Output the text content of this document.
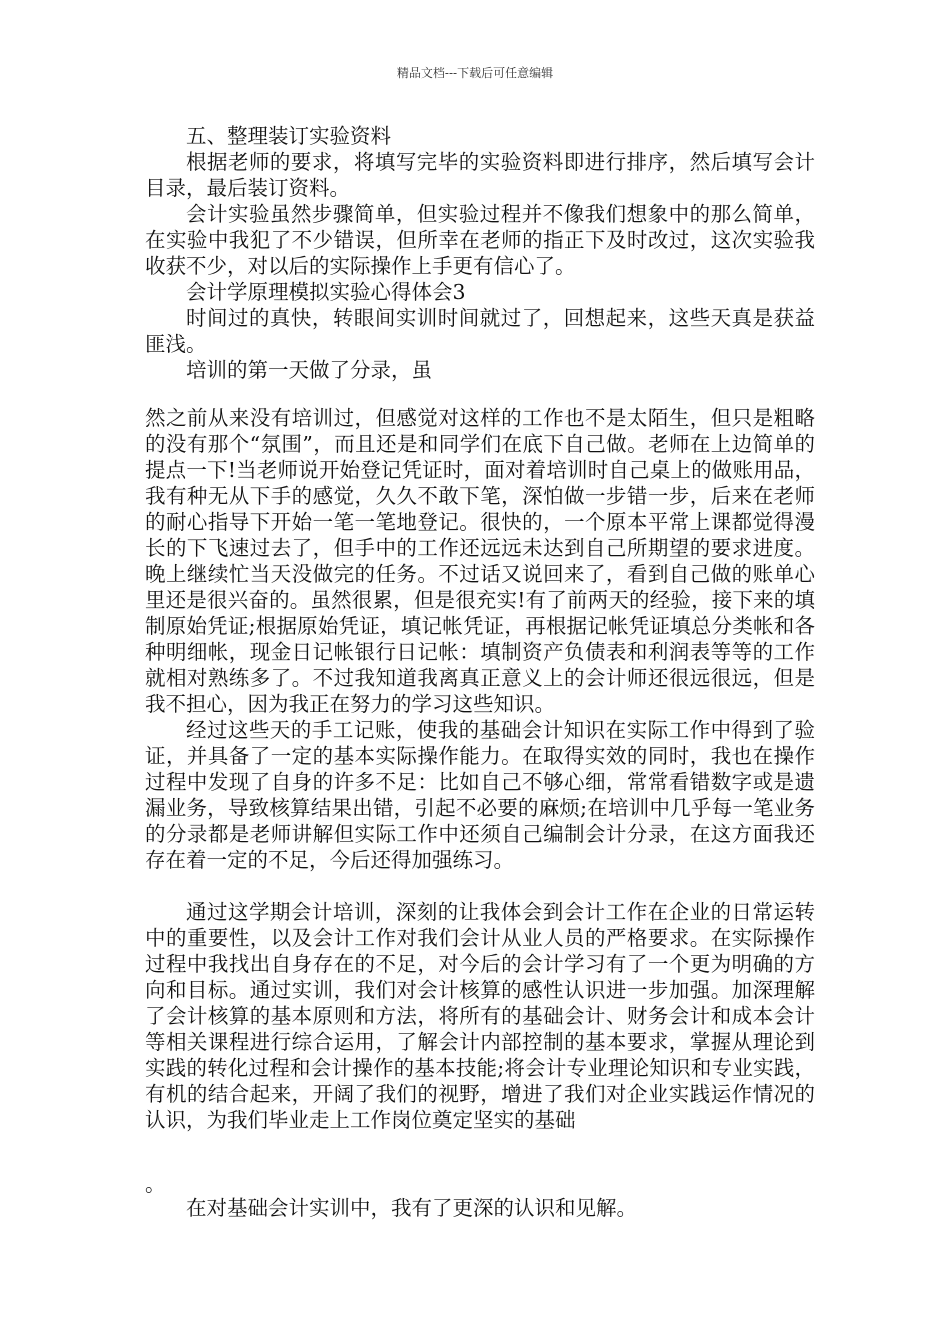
精品文档---下载后可任意编辑

五、整理装订实验资料

根据老师的要求，将填写完毕的实验资料即进行排序，然后填写会计目录，最后装订资料。

会计实验虽然步骤简单，但实验过程并不像我们想象中的那么简单，在实验中我犯了不少错误，但所幸在老师的指正下及时改过，这次实验我收获不少，对以后的实际操作上手更有信心了。

会计学原理模拟实验心得体会3

时间过的真快，转眼间实训时间就过了，回想起来，这些天真是获益匪浅。

培训的第一天做了分录，虽

然之前从来没有培训过，但感觉对这样的工作也不是太陌生，但只是粗略的没有那个“氛围”，而且还是和同学们在底下自己做。老师在上边简单的提点一下!当老师说开始登记凭证时，面对着培训时自己桌上的做账用品，我有种无从下手的感觉，久久不敢下笔，深怕做一步错一步，后来在老师的耐心指导下开始一笔一笔地登记。很快的，一个原本平常上课都觉得漫长的下飞速过去了，但手中的工作还远远未达到自己所期望的要求进度。晚上继续忙当天没做完的任务。不过话又说回来了，看到自己做的账单心里还是很兴奋的。虽然很累，但是很充实!有了前两天的经验，接下来的填制原始凭证;根据原始凭证，填记帐凭证，再根据记帐凭证填总分类帐和各种明细帐，现金日记帐银行日记帐：填制资产负债表和利润表等等的工作就相对熟练多了。不过我知道我离真正意义上的会计师还很远很远，但是我不担心，因为我正在努力的学习这些知识。

经过这些天的手工记账，使我的基础会计知识在实际工作中得到了验证，并具备了一定的基本实际操作能力。在取得实效的同时，我也在操作过程中发现了自身的许多不足：比如自己不够心细，常常看错数字或是遗漏业务，导致核算结果出错，引起不必要的麻烦;在培训中几乎每一笔业务的分录都是老师讲解但实际工作中还须自己编制会计分录，在这方面我还存在着一定的不足，今后还得加强练习。

通过这学期会计培训，深刻的让我体会到会计工作在企业的日常运转中的重要性，以及会计工作对我们会计从业人员的严格要求。在实际操作过程中我找出自身存在的不足，对今后的会计学习有了一个更为明确的方向和目标。通过实训，我们对会计核算的感性认识进一步加强。加深理解了会计核算的基本原则和方法，将所有的基础会计、财务会计和成本会计等相关课程进行综合运用，了解会计内部控制的基本要求，掌握从理论到实践的转化过程和会计操作的基本技能;将会计专业理论知识和专业实践，有机的结合起来，开阔了我们的视野，增进了我们对企业实践运作情况的认识，为我们毕业走上工作岗位奠定坚实的基础

。

在对基础会计实训中，我有了更深的认识和见解。
